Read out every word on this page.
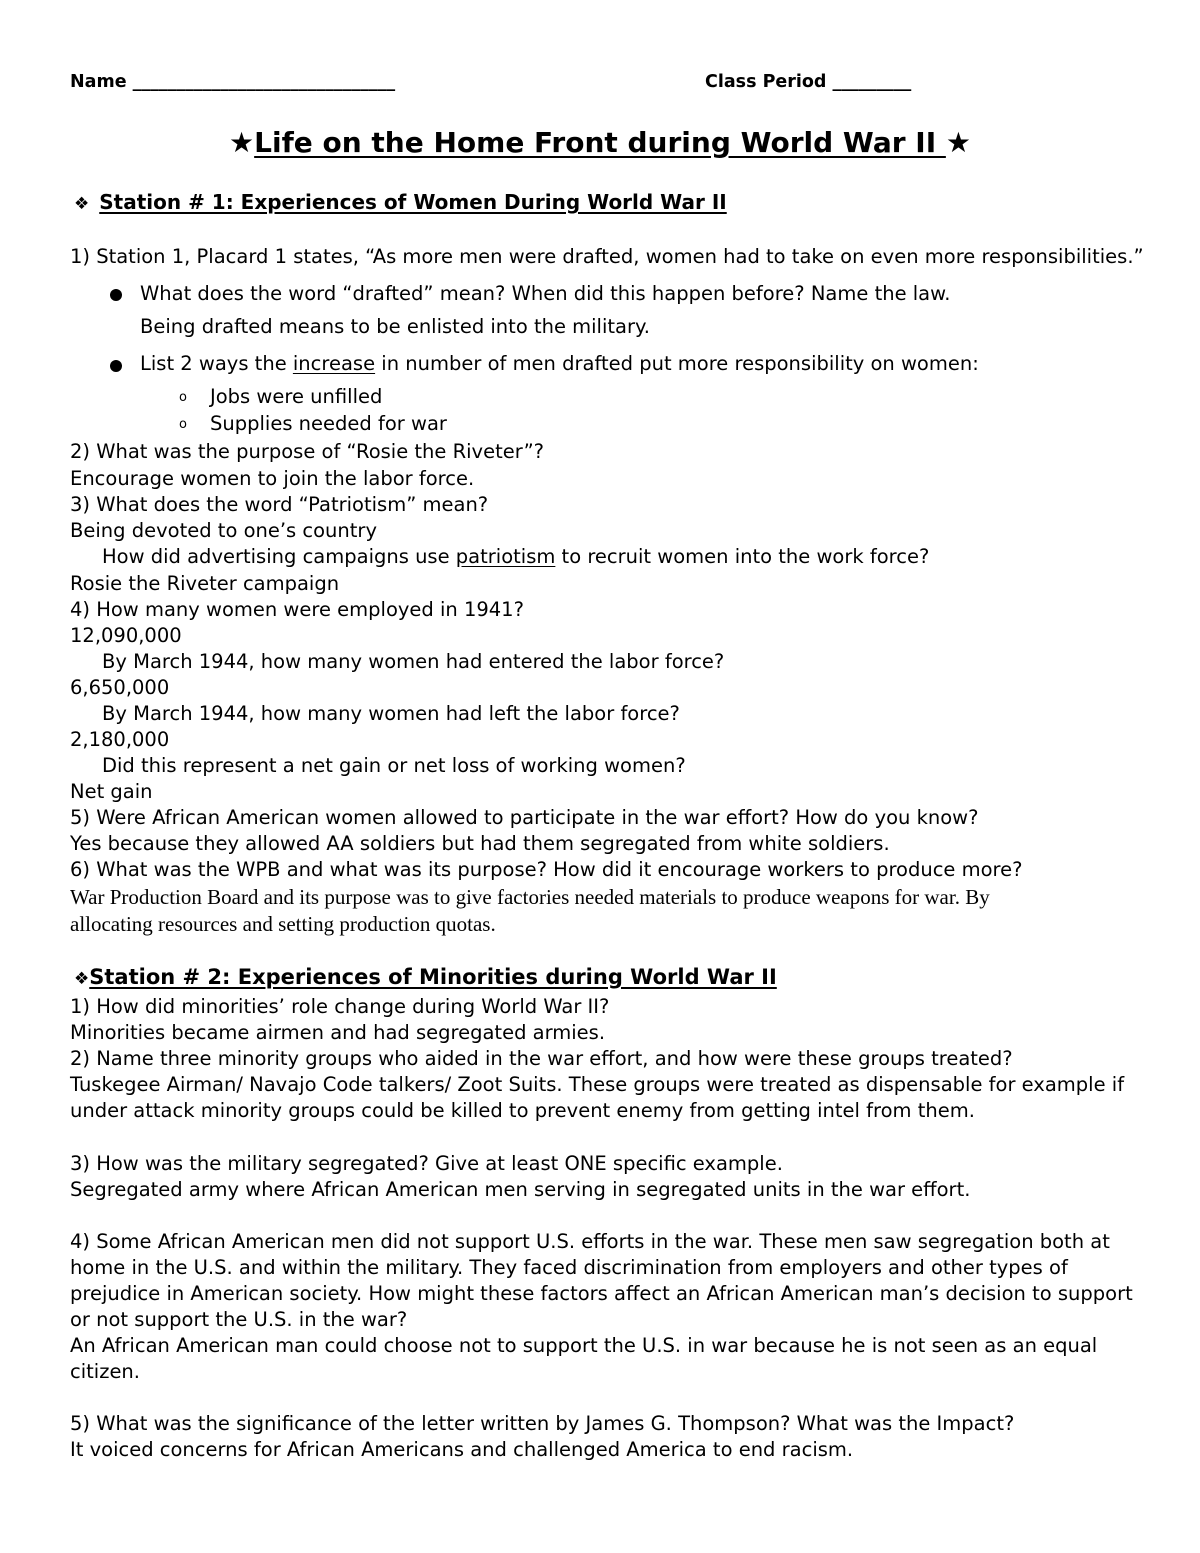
Name ______________________________	Class Period _________
★Life on the Home Front during World War II ★
❖ Station # 1: Experiences of Women During World War II
1) Station 1, Placard 1 states, “As more men were drafted, women had to take on even more responsibilities.”
What does the word “drafted” mean? When did this happen before? Name the law.
Being drafted means to be enlisted into the military.
List 2 ways the increase in number of men drafted put more responsibility on women:
o Jobs were unfilled
o Supplies needed for war
2) What was the purpose of “Rosie the Riveter”?
Encourage women to join the labor force.
3) What does the word “Patriotism” mean?
Being devoted to one’s country
How did advertising campaigns use patriotism to recruit women into the work force?
Rosie the Riveter campaign
4) How many women were employed in 1941?
12,090,000
By March 1944, how many women had entered the labor force?
6,650,000
By March 1944, how many women had left the labor force?
2,180,000
Did this represent a net gain or net loss of working women?
Net gain
5) Were African American women allowed to participate in the war effort? How do you know?
Yes because they allowed AA soldiers but had them segregated from white soldiers.
6) What was the WPB and what was its purpose? How did it encourage workers to produce more?
War Production Board and its purpose was to give factories needed materials to produce weapons for war. By
allocating resources and setting production quotas.
❖Station # 2: Experiences of Minorities during World War II
1) How did minorities’ role change during World War II?
Minorities became airmen and had segregated armies.
2) Name three minority groups who aided in the war effort, and how were these groups treated?
Tuskegee Airman/ Navajo Code talkers/ Zoot Suits. These groups were treated as dispensable for example if
under attack minority groups could be killed to prevent enemy from getting intel from them.
3) How was the military segregated? Give at least ONE specific example.
Segregated army where African American men serving in segregated units in the war effort.
4) Some African American men did not support U.S. efforts in the war. These men saw segregation both at
home in the U.S. and within the military. They faced discrimination from employers and other types of
prejudice in American society. How might these factors affect an African American man’s decision to support
or not support the U.S. in the war?
An African American man could choose not to support the U.S. in war because he is not seen as an equal
citizen.
5) What was the significance of the letter written by James G. Thompson? What was the Impact?
It voiced concerns for African Americans and challenged America to end racism.
